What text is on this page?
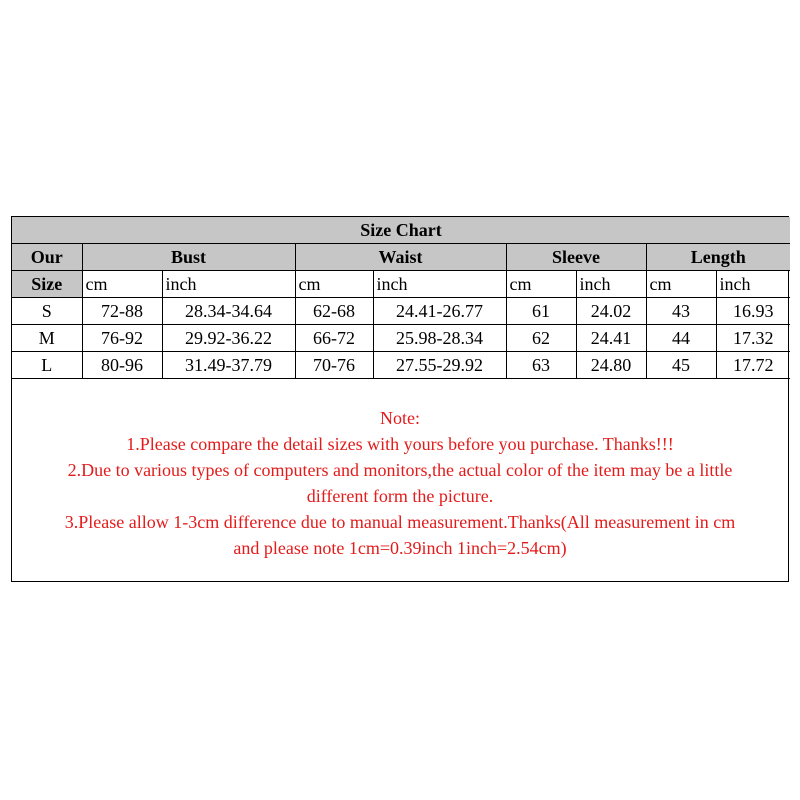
Size Chart								
Our	Bust		Waist		Sleeve		Length	
Size	cm	inch	cm	inch	cm	inch	cm	inch
S	72-88	28.34-34.64	62-68	24.41-26.77	61	24.02	43	16.93
M	76-92	29.92-36.22	66-72	25.98-28.34	62	24.41	44	17.32
L	80-96	31.49-37.79	70-76	27.55-29.92	63	24.80	45	17.72
Note:
1.Please compare the detail sizes with yours before you purchase. Thanks!!!
2.Due to various types of computers and monitors,the actual color of the item may be a little
different form the picture.
3.Please allow 1-3cm difference due to manual measurement.Thanks(All measurement in cm
and please note 1cm=0.39inch 1inch=2.54cm)
